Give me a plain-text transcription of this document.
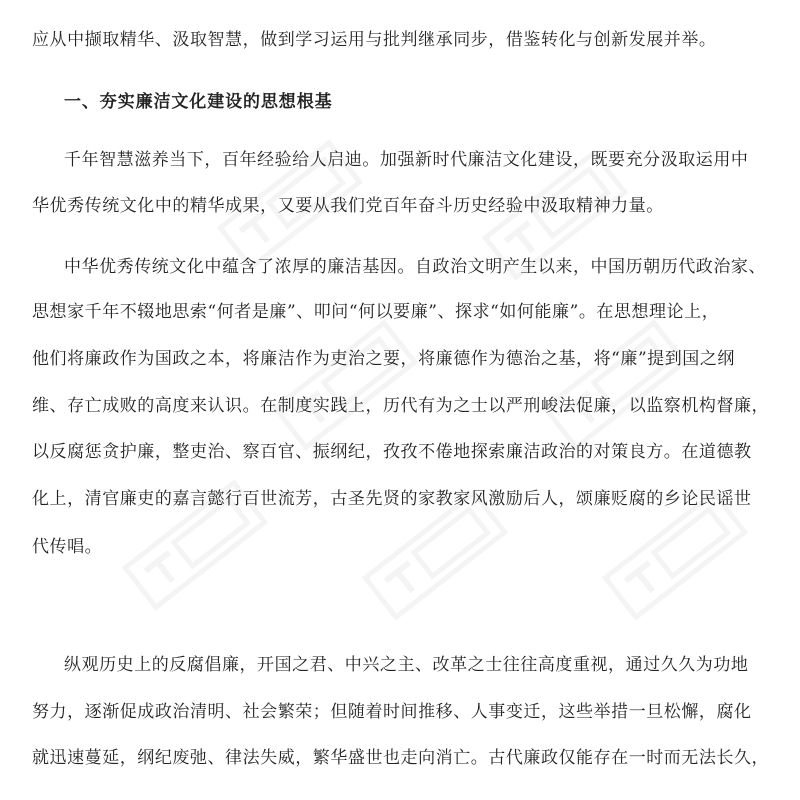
应从中撷取精华、汲取智慧，做到学习运用与批判继承同步，借鉴转化与创新发展并举。
一、夯实廉洁文化建设的思想根基
千年智慧滋养当下，百年经验给人启迪。加强新时代廉洁文化建设，既要充分汲取运用中
华优秀传统文化中的精华成果，又要从我们党百年奋斗历史经验中汲取精神力量。
中华优秀传统文化中蕴含了浓厚的廉洁基因。自政治文明产生以来，中国历朝历代政治家、
思想家千年不辍地思索“何者是廉”、叩问“何以要廉”、探求“如何能廉”。在思想理论上，
他们将廉政作为国政之本，将廉洁作为吏治之要，将廉德作为德治之基，将“廉”提到国之纲
维、存亡成败的高度来认识。在制度实践上，历代有为之士以严刑峻法促廉，以监察机构督廉，
以反腐惩贪护廉，整吏治、察百官、振纲纪，孜孜不倦地探索廉洁政治的对策良方。在道德教
化上，清官廉吏的嘉言懿行百世流芳，古圣先贤的家教家风激励后人，颂廉贬腐的乡论民谣世
代传唱。
纵观历史上的反腐倡廉，开国之君、中兴之主、改革之士往往高度重视，通过久久为功地
努力，逐渐促成政治清明、社会繁荣；但随着时间推移、人事变迁，这些举措一旦松懈，腐化
就迅速蔓延，纲纪废弛、律法失威，繁华盛世也走向消亡。古代廉政仅能存在一时而无法长久，
